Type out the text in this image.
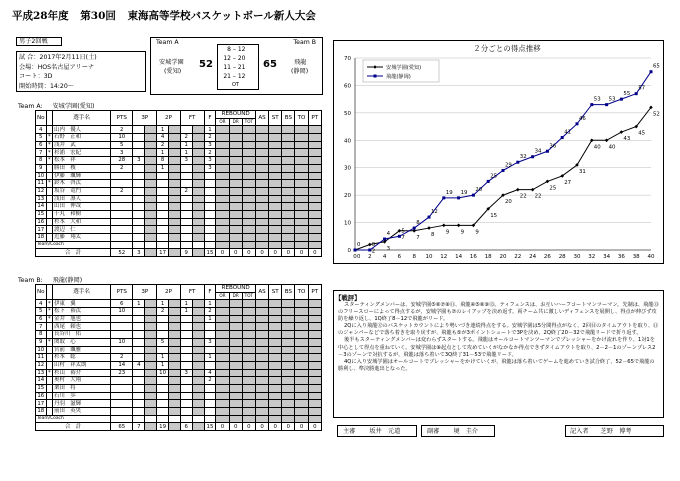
平成28年度 第30回 東海高等学校バスケットボール新人大会
男子2回戦
試 合：2017年2月11日(土)
会場：HOS名古屋アリーナ
コート：3D
開始時間：14:20～
Team A	Team B
安城学園
(愛知)
52
8 – 12
12 – 20
11 – 21
21 – 12
OT
65	飛龍
(静岡)
Team A: 安城学園(愛知)
No		選手名	PTS	3P		2P		FT		F	REBOUND			AS	ST	BS	TO	PT
											OR	DR	TOT					
4		山内　優人	2			1				1								
5	*	石野　正和	10			4		2		2								
6	*	浅井　武	5			2		1		3								
7	*	杉浦　宏紀	3			1		1		2								
8	*	松本　祥	28	3		8		3		3								
9		勝田　稜	2			1				3								
10		伊藤　颯輝																
11	*	鈴木　啓汰																
12		坂谷　竜門	2					2										
13		浅田　凛人																
14		山田　伸哉																
15		千丸　和樹																
16		杉本　大和																
17		渡辺　仁																
18		近藤　翔太																
Team/Coach																		
合　計			52	3		17		9		15	0	0	0	0	0	0	0	0
Team B: 飛龍(静岡)
No		選手名	PTS	3P		2P		FT		F	REBOUND			AS	ST	BS	TO	PT
											OR	DR	TOT					
4	*	伊東　翼	6	1		1		1		1								
5	*	松下　裕汰	10			2		1		2								
6	*	金井　旭也								1								
7		西尾　頼也																
8		長谷川　佑																
9	*	関取　心	10			5				3								
10		宮前　颯雅																
11		杉本　聡	2			1				1								
12		山村　祥太朗	14	4		1												
13	*	杉山　裕介	23			10		3		4								
14		奥村　大翔								2								
15		栗田　将																
16		石川　歩																
17		丹羽　滋輝																
18		前田　英央																
Team/Coach																		
合　計			65	7		19		6		15	0	0	0	0	0	0	0	0
２分ごとの得点推移
0
10
20
30
40
50
60
70
0 2 4 6 8 10 12 14 16 18 20 22 24 26 28 30 32 34 36 38 40
0
2 3
7 7 8 9 9 9
15
20
22 22
25
27
31
40 40
43
45
52
0 0
4 5
8
12
19 19 20
25
29
32
34
36
41
46
53 53
55
57
65
安城学園(愛知)
飛龍(静岡)
【戦評】
スターティングメンバーは、安城学園⑤⑥⑦⑧⑪、飛龍④⑤⑥⑨⑬。ティフェンスは、お互いハーフコートマンツーマン。先制は、飛龍⑬のフリースローによって得点するが、安城学園も⑦のレイアップを決め返す。両チーム共に激しいディフェンスを展開し、得点が伸びず攻防を繰り返し、1Q終了8－12で飛龍がリード。
2Qに入り飛龍⑫のバスケットカウントにより勢いづき連続得点をする。安城学園は5分間得点がなく、2回目のタイムアウトを取り、⑪のジャンパーなどで落ち着きを取り戻すが、飛龍も⑤が3ポイントシュートで3Pを決め、2Q終了20－32で飛龍リードで折り返す。
後半もスターティングメンバーは変わらずスタートする。飛龍はオールコートマンツーマンでプレッシャーをかけ流れを作り、1対1を中心として得点を重ねていく。安城学園は⑧起点として攻めていくがなかなか得点できずタイムアウトを取り、2－2－1のゾーンプレス2－3のゾーンで対抗するが、飛龍は落ち着いて3Q終了31－53で飛龍リード。
4Qに入り安城学園はオールコートでプレッシャーをかけていくが、飛龍は落ち着いてゲームを進めていき試合終了、52－65で飛龍の勝利し、準決勝進出となった。
主審 坂井　元道	副審 境　圭介	記入者 芝野　博考
